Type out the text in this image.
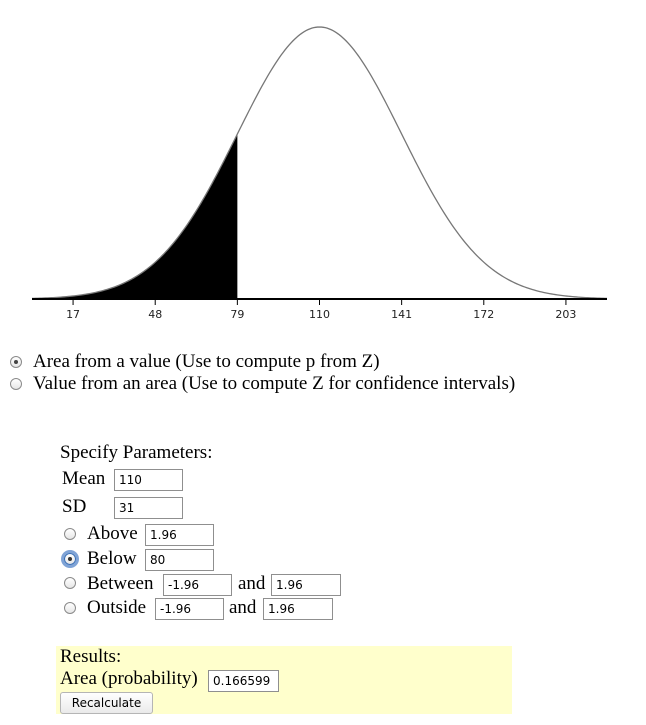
17	48	79	110	141	172	203
Area from a value (Use to compute p from Z)
Value from an area (Use to compute Z for confidence intervals)
Specify Parameters:
Mean	110
SD	31
Above	1.96
Below	80
Between	-1.96	and 1.96
Outside	-1.96	and 1.96
Results:
Area (probability)	0.166599
Recalculate
